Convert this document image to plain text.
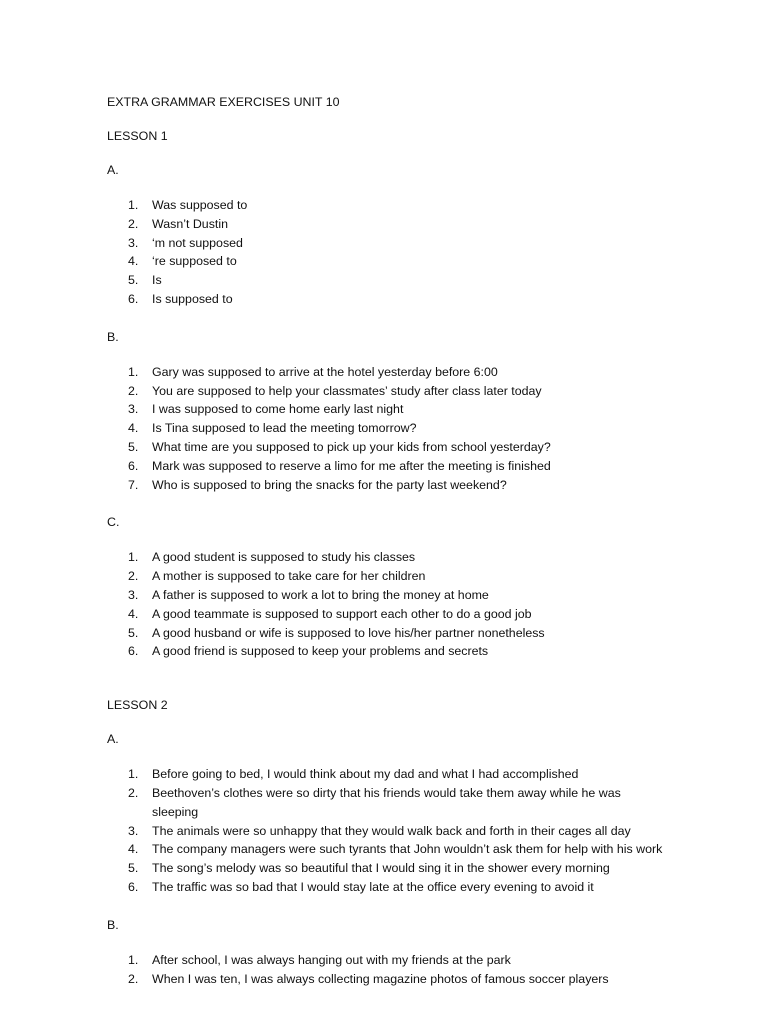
EXTRA GRAMMAR EXERCISES UNIT 10
LESSON 1
A.
1. Was supposed to
2. Wasn’t Dustin
3. ‘m not supposed
4. ‘re supposed to
5. Is
6. Is supposed to
B.
1. Gary was supposed to arrive at the hotel yesterday before 6:00
2. You are supposed to help your classmates’ study after class later today
3. I was supposed to come home early last night
4. Is Tina supposed to lead the meeting tomorrow?
5. What time are you supposed to pick up your kids from school yesterday?
6. Mark was supposed to reserve a limo for me after the meeting is finished
7. Who is supposed to bring the snacks for the party last weekend?
C.
1. A good student is supposed to study his classes
2. A mother is supposed to take care for her children
3. A father is supposed to work a lot to bring the money at home
4. A good teammate is supposed to support each other to do a good job
5. A good husband or wife is supposed to love his/her partner nonetheless
6. A good friend is supposed to keep your problems and secrets
LESSON 2
A.
1. Before going to bed, I would think about my dad and what I had accomplished
2. Beethoven’s clothes were so dirty that his friends would take them away while he was sleeping
3. The animals were so unhappy that they would walk back and forth in their cages all day
4. The company managers were such tyrants that John wouldn’t ask them for help with his work
5. The song’s melody was so beautiful that I would sing it in the shower every morning
6. The traffic was so bad that I would stay late at the office every evening to avoid it
B.
1. After school, I was always hanging out with my friends at the park
2. When I was ten, I was always collecting magazine photos of famous soccer players
